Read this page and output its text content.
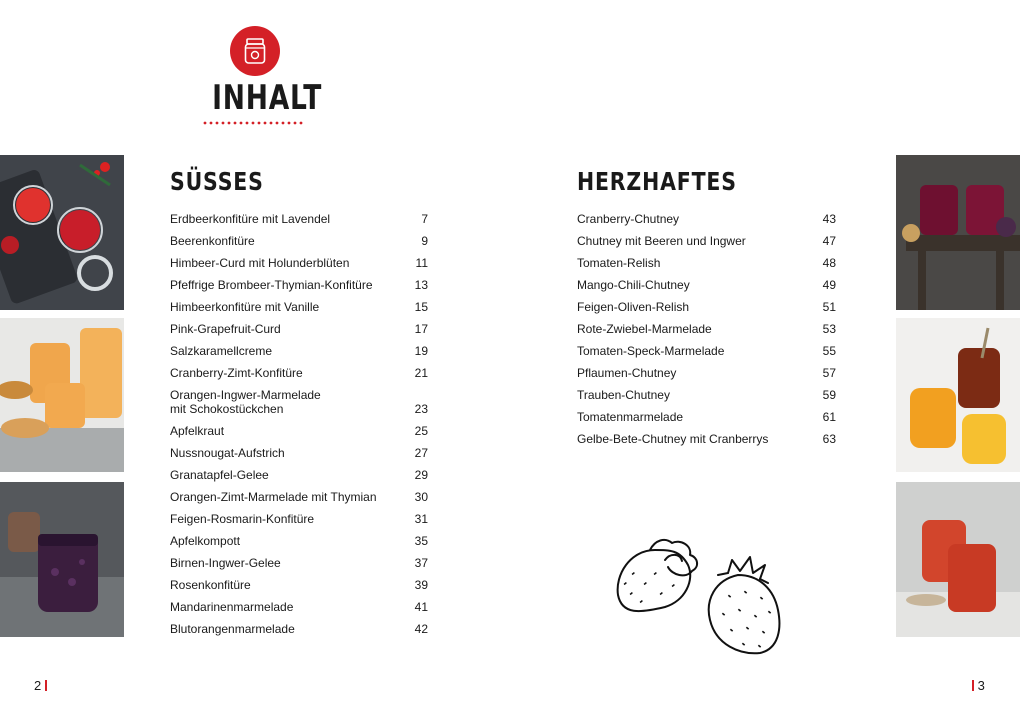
INHALT
SÜSSES
Erdbeerkonfitüre mit Lavendel	7
Beerenkonfitüre	9
Himbeer-Curd mit Holunderblüten	11
Pfeffrige Brombeer-Thymian-Konfitüre	13
Himbeerkonfitüre mit Vanille	15
Pink-Grapefruit-Curd	17
Salzkaramellcreme	19
Cranberry-Zimt-Konfitüre	21
Orangen-Ingwer-Marmelade
mit Schokostückchen	23
Apfelkraut	25
Nussnougat-Aufstrich	27
Granatapfel-Gelee	29
Orangen-Zimt-Marmelade mit Thymian	30
Feigen-Rosmarin-Konfitüre	31
Apfelkompott	35
Birnen-Ingwer-Gelee	37
Rosenkonfitüre	39
Mandarinenmarmelade	41
Blutorangenmarmelade	42
HERZHAFTES
Cranberry-Chutney	43
Chutney mit Beeren und Ingwer	47
Tomaten-Relish	48
Mango-Chili-Chutney	49
Feigen-Oliven-Relish	51
Rote-Zwiebel-Marmelade	53
Tomaten-Speck-Marmelade	55
Pflaumen-Chutney	57
Trauben-Chutney	59
Tomatenmarmelade	61
Gelbe-Bete-Chutney mit Cranberrys	63
2	3
